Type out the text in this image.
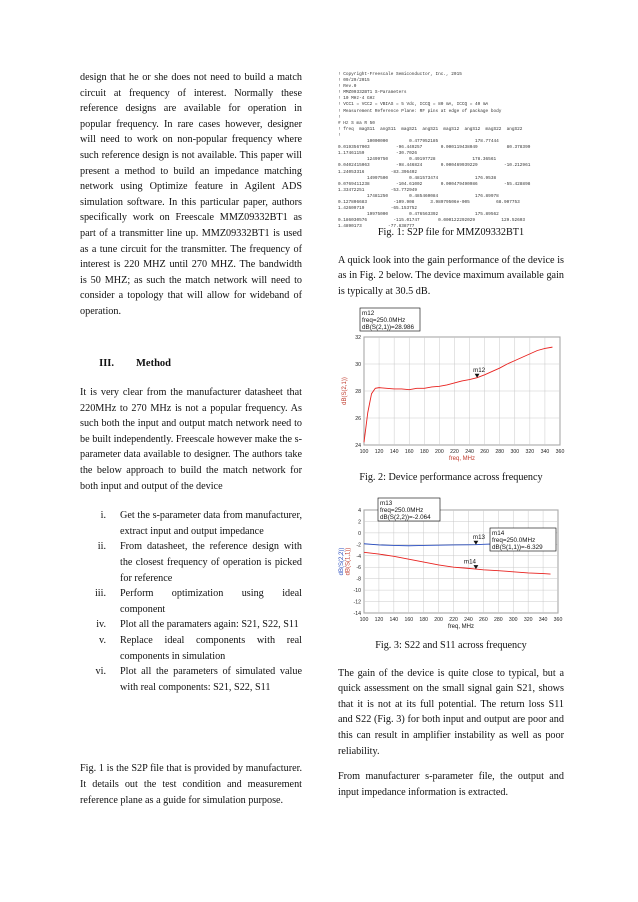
design that he or she does not need to build a match circuit at frequency of interest. Normally these reference designs are available for operation in popular frequency. In rare cases however, designer will need to work on non-popular frequency where such reference design is not available. This paper will present a method to build an impedance matching network using Optimize feature in Agilent ADS simulation software. In this particular paper, authors specifically work on Freescale MMZ09332BT1 as part of a transmitter line up. MMZ09332BT1 is used as a tune circuit for the transmitter. The frequency of interest is 220 MHZ until 270 MHZ. The bandwidth is 50 MHZ; as such the match network will need to consider a topology that will allow for wideband of operation.

III. Method

It is very clear from the manufacturer datasheet that 220MHz to 270 MHz is not a popular frequency. As such both the input and output match network need to be built independently. Freescale however make the s-parameter data available to designer. The authors take the below approach to build the match network for both input and output of the device

i. Get the s-parameter data from manufacturer, extract input and output impedance
ii. From datasheet, the reference design with the closest frequency of operation is picked for reference
iii. Perform optimization using ideal component
iv. Plot all the paramaters again: S21, S22, S11
v. Replace ideal components with real components in simulation
vi. Plot all the parameters of simulated value with real components: S21, S22, S11

Fig. 1 is the S2P file that is provided by manufacturer. It details out the test condition and measurement reference plane as a guide for simulation purpose.

! Copyright-Freescale Semiconductor, Inc., 2015
! 09/29/2015
! Rev.0
! MMZ09332BT1 S-Parameters
! 10 MHz-4 GHz
! VCC1 = VCC2 = VBIAS = 5 Vdc, ICCQ = 80 mA, ICCQ = 40 mA
! Measurement Reference Plane: RF pins at edge of package body
!
# Hz S ma R 50
! freq  magS11  angS11  magS21  angS21  magS12  angS12  magS22  angS22
!
10000000        0.477952185              178.77444
0.0193567003          -96.449257       0.000119438049           80.378399
1.17461159            -30.7026
12499750        0.49197728              178.36561
0.0402415063          -98.446824       0.000469939229          -10.212961
1.24053316          -83.396402
14997500        0.481573474              176.9538
0.0769411238          -104.61002       0.000479490986          -55.428898
1.33472251          -53.772949
17481250        0.485460084              176.89978
0.127806683          -109.908      3.98979506e-005          68.907753
1.42609719          -65.153752
19975000        0.476563392              175.89562
0.186030576          -115.01747       0.000122292029          129.52603
1.4890173          -77.838777
Fig. 1: S2P file for MMZ09332BT1

A quick look into the gain performance of the device is as in Fig. 2 below. The device maximum available gain is typically at 30.5 dB.

100 120 140 160 180 200 220 240 260 280 300 320 340 360
24
26
28
30
32
freq, MHz
dB(S(2,1))
m12
m12
freq=250.0MHz
dB(S(2,1))=28.986
Fig. 2: Device performance across frequency
100 120 140 160 180 200 220 240 260 280 300 320 340 360
-14
-12
-10
-8
-6
-4
-2
0
2
4
freq, MHz
dB(S(2,2)) dB(S(1,1))
m13
m13
freq=250.0MHz
dB(S(2,2))=-2.064
m14
m14
freq=250.0MHz
dB(S(1,1))=-6.329
Fig. 3: S22 and S11 across frequency

The gain of the device is quite close to typical, but a quick assessment on the small signal gain S21, shows that it is not at its full potential. The return loss S11 and S22 (Fig. 3) for both input and output are poor and this can result in amplifier instability as well as poor reliability.

From manufacturer s-parameter file, the output and input impedance information is extracted.
